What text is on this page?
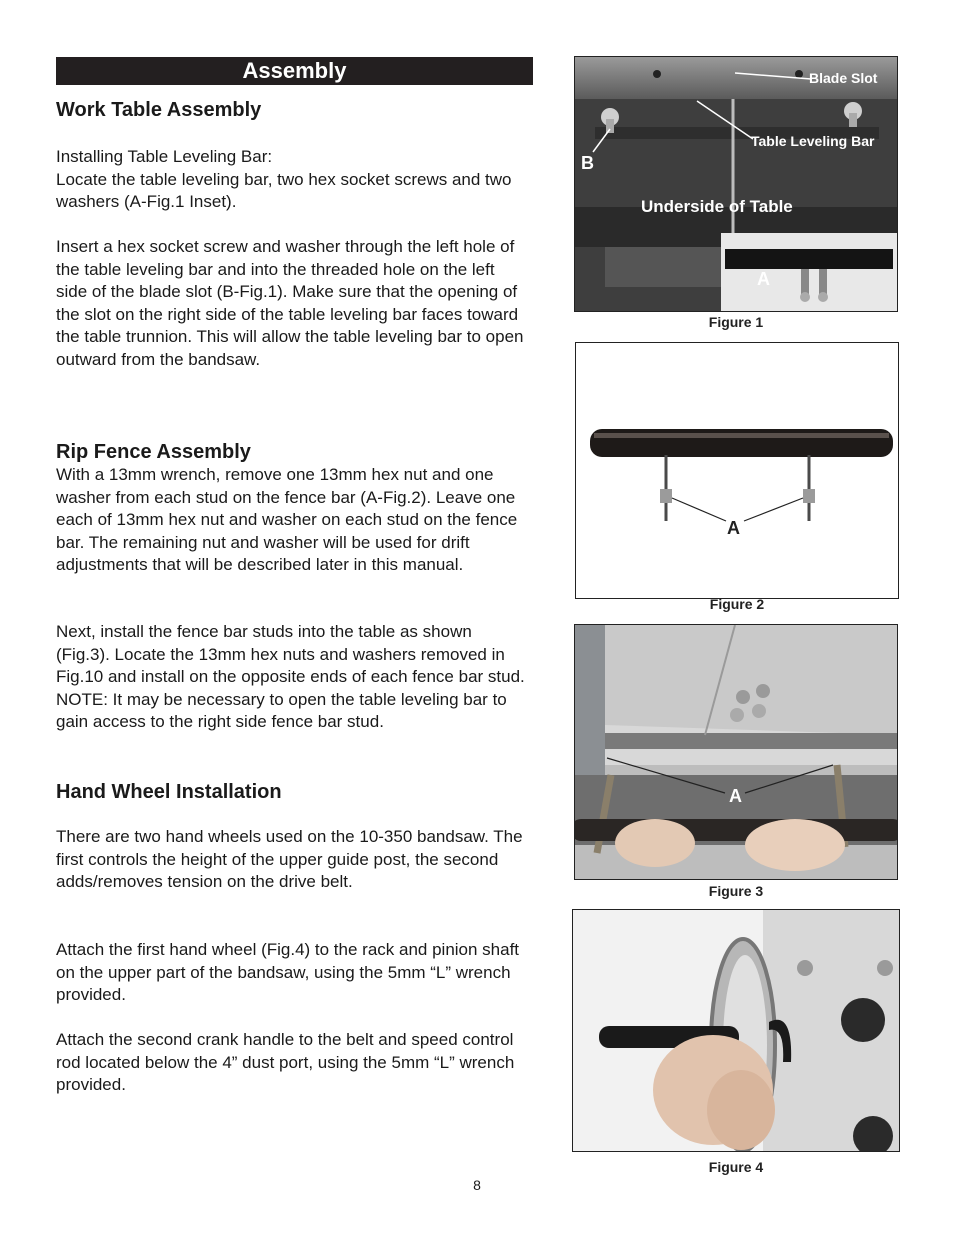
Assembly
Work Table Assembly

Installing Table Leveling Bar:

Locate the table leveling bar, two hex socket screws and two washers (A-Fig.1 Inset).

Insert a hex socket screw and washer through the left hole of the table leveling bar and into the threaded hole on the left side of the blade slot (B-Fig.1). Make sure that the opening of the slot on the right side of the table leveling bar faces toward the table trunnion. This will allow the table leveling bar to open outward from the bandsaw.

Rip Fence Assembly

With a 13mm wrench, remove one 13mm hex nut and one washer from each stud on the fence bar (A-Fig.2). Leave one each of 13mm hex nut and washer on each stud on the fence bar. The remaining nut and washer will be used for drift adjustments that will be described later in this manual.

Next, install the fence bar studs into the table as shown (Fig.3). Locate the 13mm hex nuts and washers removed in Fig.10 and install on the opposite ends of each fence bar stud. NOTE: It may be necessary to open the table leveling bar to gain access to the right side fence bar stud.

Hand Wheel Installation

There are two hand wheels used on the 10-350 bandsaw. The first controls the height of the upper guide post, the second adds/removes tension on the drive belt.

Attach the first hand wheel (Fig.4) to the rack and pinion shaft on the upper part of the bandsaw, using the 5mm “L” wrench provided.

Attach the second crank handle to the belt and speed control rod located below the 4” dust port, using the 5mm “L” wrench provided.

Blade Slot
Table Leveling Bar
B
Underside of Table
A
Figure 1
A
Figure 2
A
Figure 3
Figure 4
8
